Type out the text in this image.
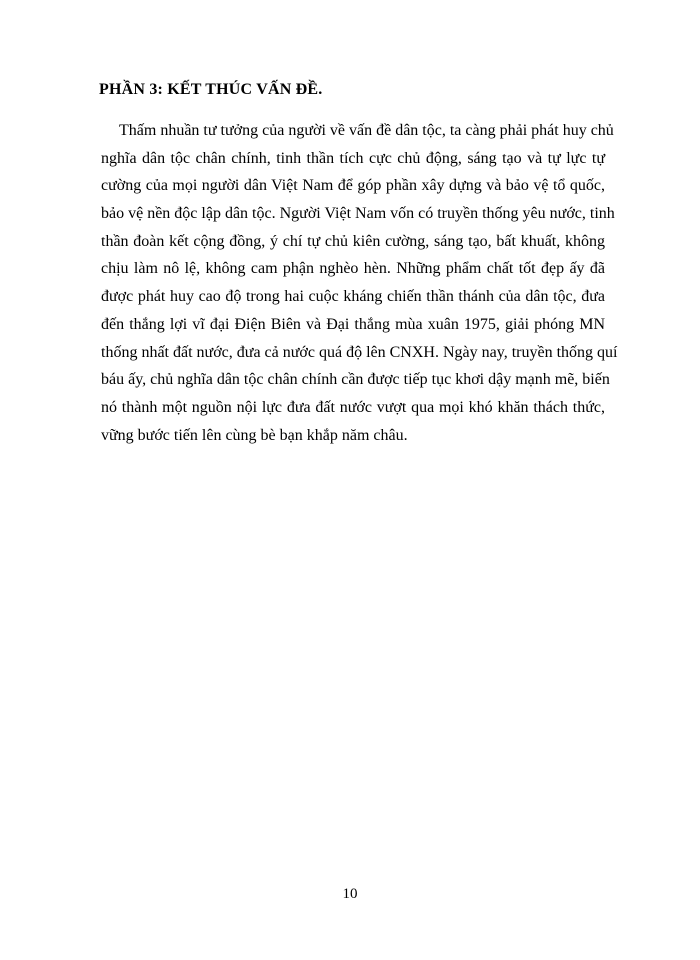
PHẦN 3: KẾT THÚC VẤN ĐỀ.
Thấm nhuần tư tưởng của người về vấn đề dân tộc, ta càng phải phát huy chủ
nghĩa dân tộc chân chính, tinh thần tích cực chủ động, sáng tạo và tự lực tự
cường của mọi người dân Việt Nam để góp phần xây dựng và bảo vệ tổ quốc,
bảo vệ nền độc lập dân tộc. Người Việt Nam vốn có truyền thống yêu nước, tinh
thần đoàn kết cộng đồng, ý chí tự chủ kiên cường, sáng tạo, bất khuất, không
chịu làm nô lệ, không cam phận nghèo hèn. Những phẩm chất tốt đẹp ấy đã
được phát huy cao độ trong hai cuộc kháng chiến thần thánh của dân tộc, đưa
đến thắng lợi vĩ đại Điện Biên và Đại thắng mùa xuân 1975, giải phóng MN
thống nhất đất nước, đưa cả nước quá độ lên CNXH. Ngày nay, truyền thống quí
báu ấy, chủ nghĩa dân tộc chân chính cần được tiếp tục khơi dậy mạnh mẽ, biến
nó thành một nguồn nội lực đưa đất nước vượt qua mọi khó khăn thách thức,
vững bước tiến lên cùng bè bạn khắp năm châu.
10
